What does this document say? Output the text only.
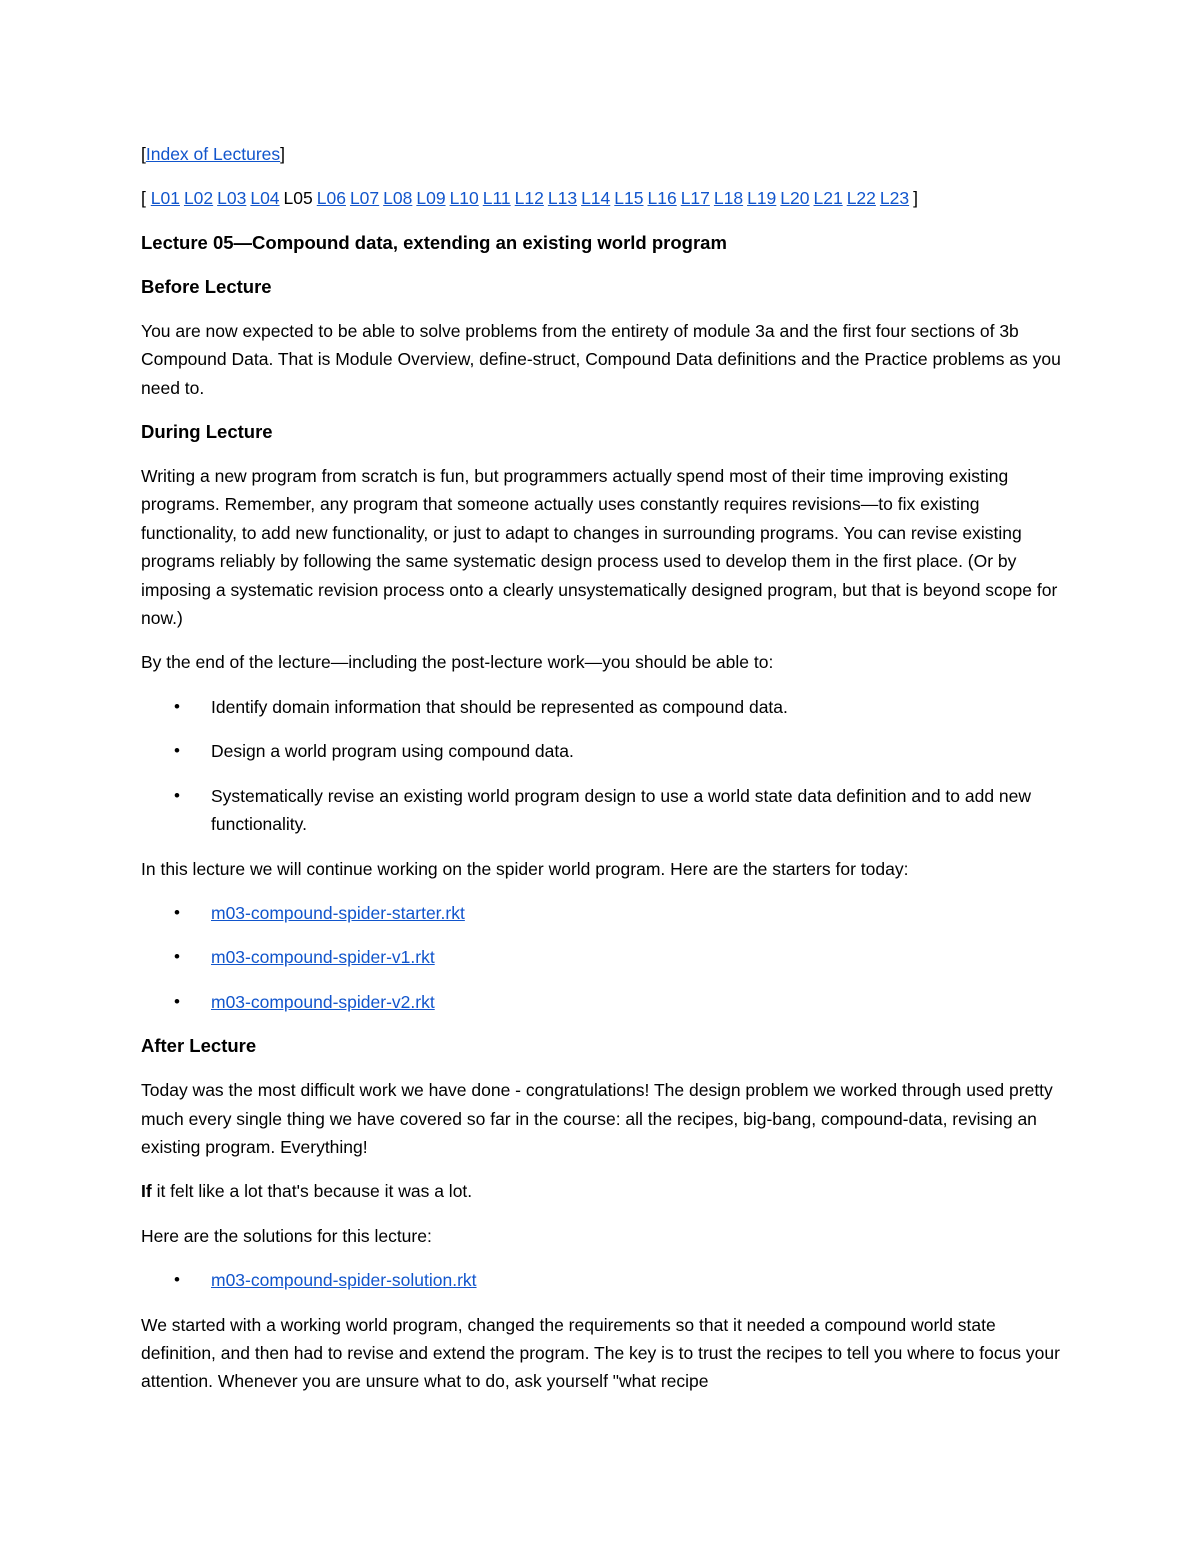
[Index of Lectures]

[ L01 L02 L03 L04 L05 L06 L07 L08 L09 L10 L11 L12 L13 L14 L15 L16 L17 L18 L19 L20 L21 L22 L23 ]

Lecture 05—Compound data, extending an existing world program

Before Lecture

You are now expected to be able to solve problems from the entirety of module 3a and the first four sections of 3b Compound Data. That is Module Overview, define-struct, Compound Data definitions and the Practice problems as you need to.

During Lecture

Writing a new program from scratch is fun, but programmers actually spend most of their time improving existing programs. Remember, any program that someone actually uses constantly requires revisions—to fix existing functionality, to add new functionality, or just to adapt to changes in surrounding programs. You can revise existing programs reliably by following the same systematic design process used to develop them in the first place. (Or by imposing a systematic revision process onto a clearly unsystematically designed program, but that is beyond scope for now.)

By the end of the lecture—including the post-lecture work—you should be able to:

• Identify domain information that should be represented as compound data.
• Design a world program using compound data.
• Systematically revise an existing world program design to use a world state data definition and to add new functionality.

In this lecture we will continue working on the spider world program. Here are the starters for today:

• m03-compound-spider-starter.rkt
• m03-compound-spider-v1.rkt
• m03-compound-spider-v2.rkt

After Lecture

Today was the most difficult work we have done - congratulations! The design problem we worked through used pretty much every single thing we have covered so far in the course: all the recipes, big-bang, compound-data, revising an existing program. Everything!

If it felt like a lot that's because it was a lot.

Here are the solutions for this lecture:

• m03-compound-spider-solution.rkt

We started with a working world program, changed the requirements so that it needed a compound world state definition, and then had to revise and extend the program. The key is to trust the recipes to tell you where to focus your attention. Whenever you are unsure what to do, ask yourself "what recipe
